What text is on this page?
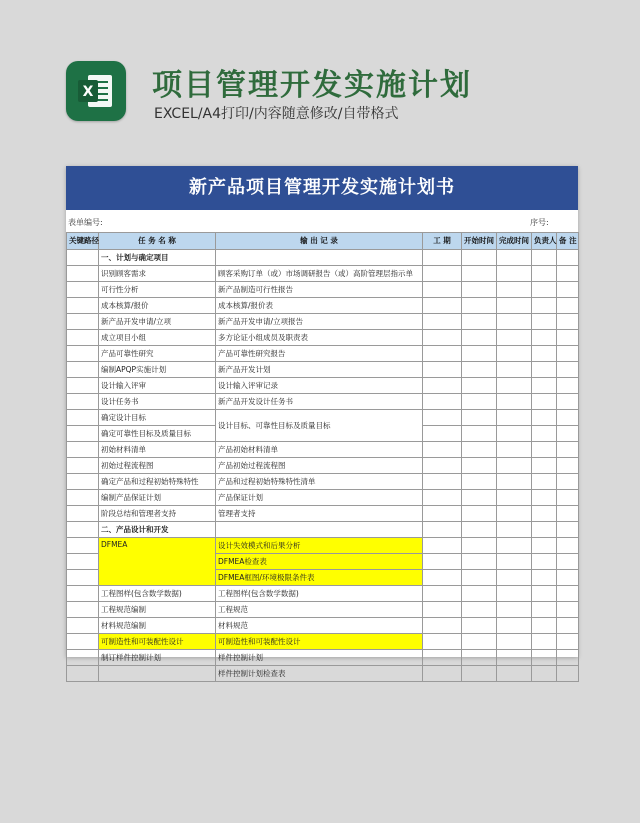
X 项目管理开发实施计划
EXCEL/A4打印/内容随意修改/自带格式
新产品项目管理开发实施计划书
表单编号:	序号:
关键路径	任 务 名 称	输 出 记 录	工 期	开始时间	完成时间	负责人	备 注
	一、计划与确定项目						
	识别顾客需求	顾客采购订单（或）市场调研报告（或）高阶管理层指示单					
	可行性分析	新产品制造可行性报告					
	成本核算/报价	成本核算/报价表					
	新产品开发申请/立项	新产品开发申请/立项报告					
	成立项目小组	多方论证小组成员及职责表					
	产品可靠性研究	产品可靠性研究报告					
	编制APQP实施计划	新产品开发计划					
	设计输入评审	设计输入评审记录					
	设计任务书	新产品开发设计任务书					
	确定设计目标	设计目标、可靠性目标及质量目标					
	确定可靠性目标及质量目标						
	初始材料清单	产品初始材料清单					
	初始过程流程图	产品初始过程流程图					
	确定产品和过程初始特殊特性	产品和过程初始特殊特性清单					
	编制产品保证计划	产品保证计划					
	阶段总结和管理者支持	管理者支持					
	二、产品设计和开发						
	DFMEA	设计失效模式和后果分析					
		DFMEA检查表					
		DFMEA框图/环境极限条件表					
	工程图样(包含数学数据)	工程图样(包含数学数据)					
	工程规范编制	工程规范					
	材料规范编制	材料规范					
	可制造性和可装配性设计	可制造性和可装配性设计					
	制订样件控制计划	样件控制计划					
		样件控制计划检查表					
